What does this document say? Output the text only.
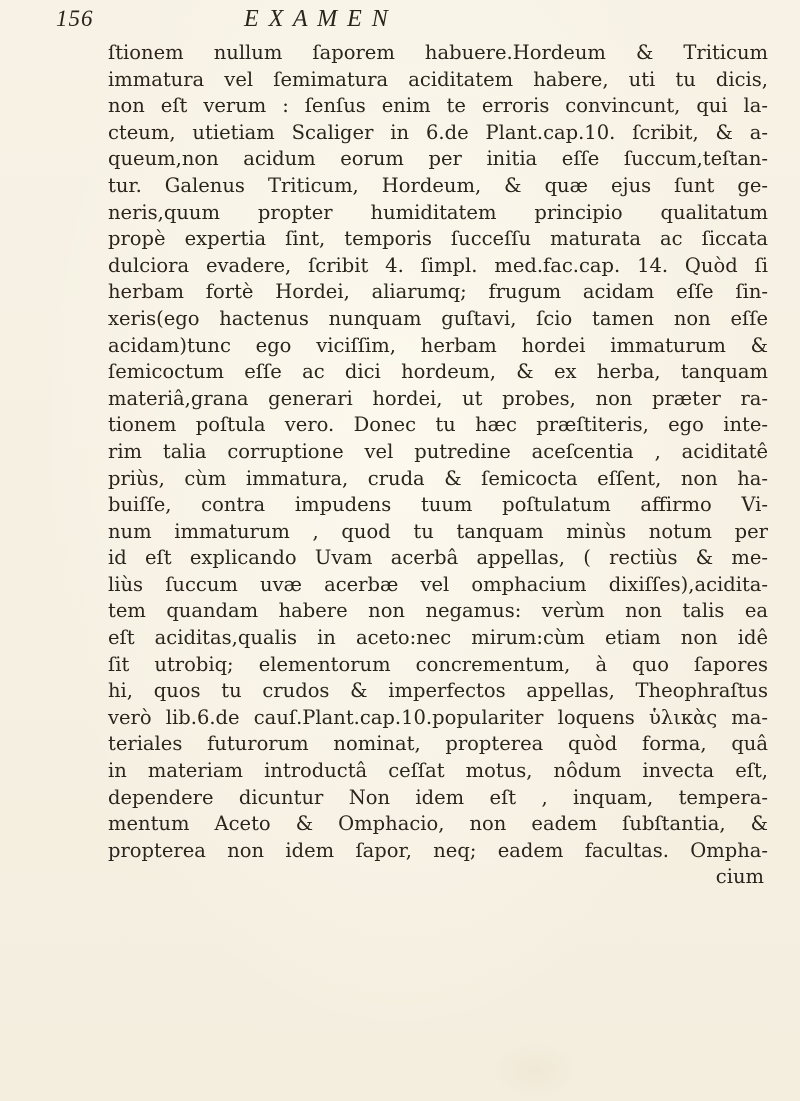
156	E X A M E N
ſtionem nullum ſaporem habuere.Hordeum & Triticum
immatura vel ſemimatura aciditatem habere, uti tu dicis,
non eſt verum : ſenſus enim te erroris convincunt, qui la-
cteum, utietiam Scaliger in 6.de Plant.cap.10. ſcribit, & a-
queum,non acidum eorum per initia eſſe ſuccum,teſtan-
tur. Galenus Triticum, Hordeum, & quæ ejus ſunt ge-
neris,quum propter humiditatem principio qualitatum
propè expertia ſint, temporis ſucceſſu maturata ac ſiccata
dulciora evadere, ſcribit 4. ſimpl. med.fac.cap. 14. Quòd ſi
herbam fortè Hordei, aliarumq; frugum acidam eſſe ſin-
xeris(ego hactenus nunquam guſtavi, ſcio tamen non eſſe
acidam)tunc ego viciſſim, herbam hordei immaturum &
ſemicoctum eſſe ac dici hordeum, & ex herba, tanquam
materiâ,grana generari hordei, ut probes, non præter ra-
tionem poſtula vero. Donec tu hæc præſtiteris, ego inte-
rim talia corruptione vel putredine aceſcentia , aciditatê
priùs, cùm immatura, cruda & ſemicocta eſſent, non ha-
buiſſe, contra impudens tuum poſtulatum affirmo Vi-
num immaturum , quod tu tanquam minùs notum per
id eſt explicando Uvam acerbâ appellas, ( rectiùs & me-
liùs ſuccum uvæ acerbæ vel omphacium dixiſſes),acidita-
tem quandam habere non negamus: verùm non talis ea
eſt aciditas,qualis in aceto:nec mirum:cùm etiam non idê
ſit utrobiq; elementorum concrementum, à quo ſapores
hi, quos tu crudos & imperfectos appellas, Theophraſtus
verò lib.6.de cauſ.Plant.cap.10.populariter loquens ὑλικὰς ma-
teriales futurorum nominat, propterea quòd forma, quâ
in materiam introductâ ceſſat motus, nôdum invecta eſt,
dependere dicuntur Non idem eſt , inquam, tempera-
mentum Aceto & Omphacio, non eadem ſubſtantia, &
propterea non idem ſapor, neq; eadem facultas. Ompha-
cium
